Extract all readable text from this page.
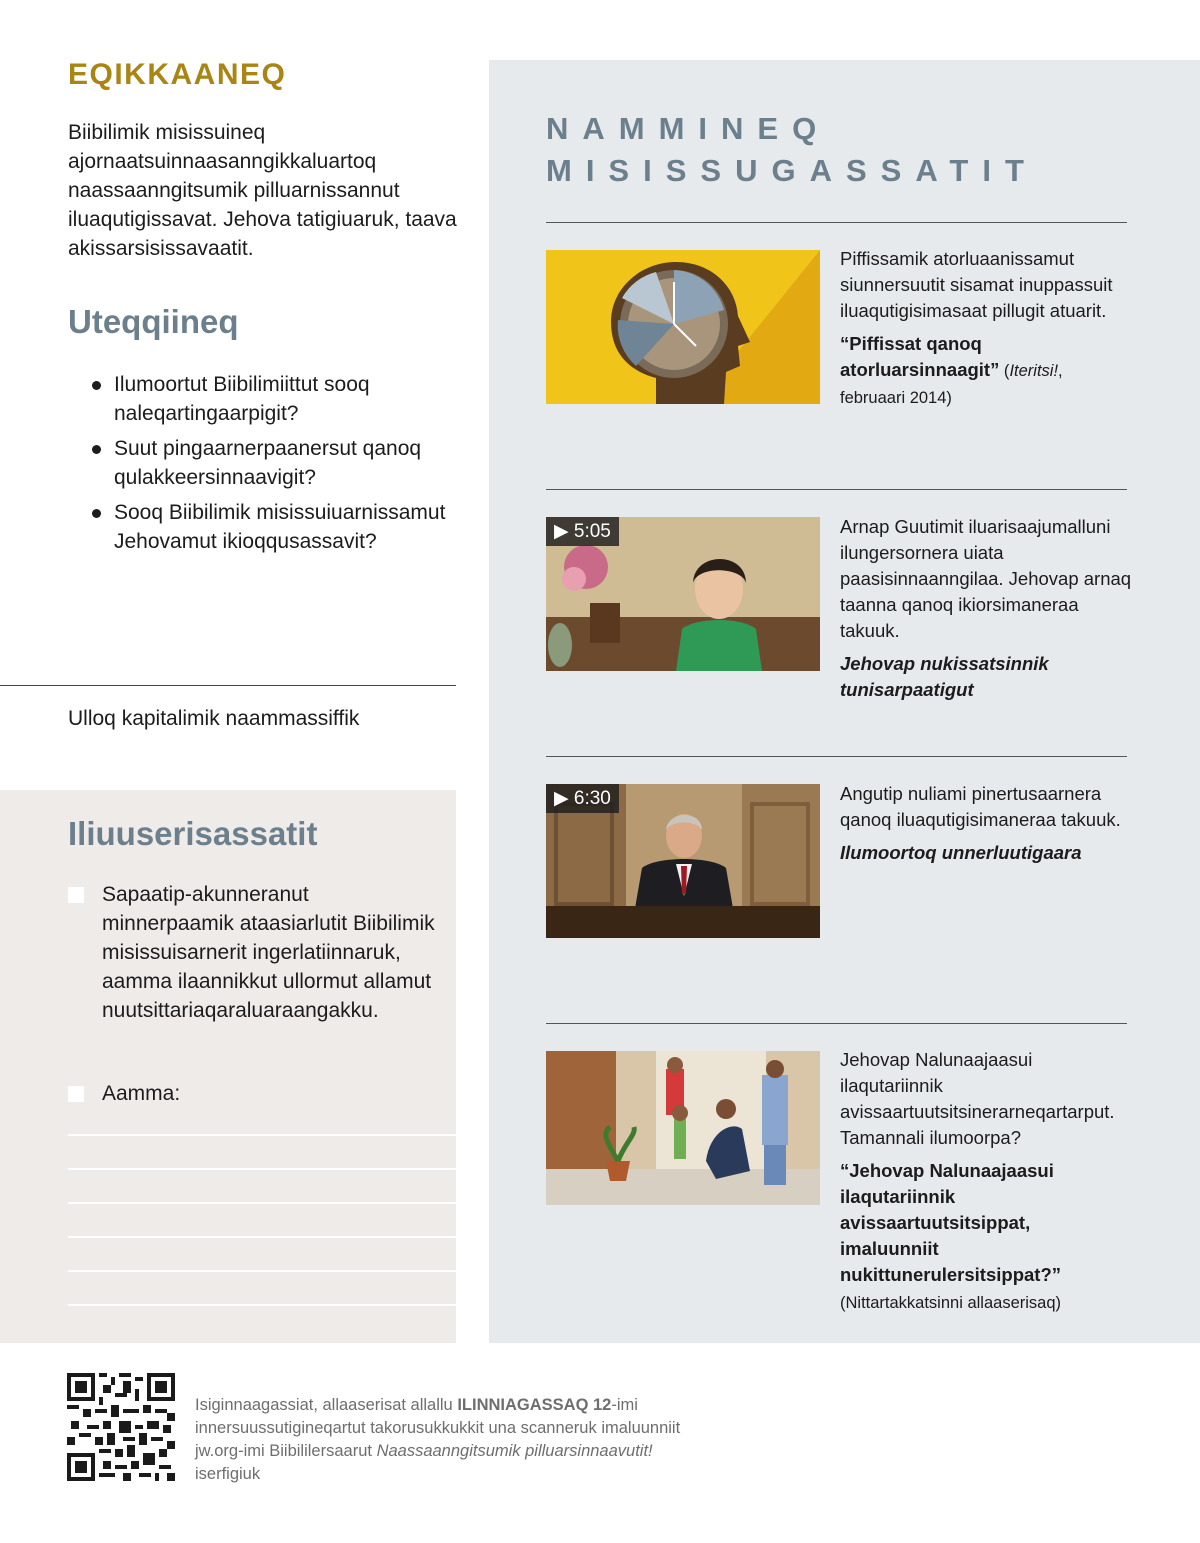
EQIKKAANEQ

Biibilimik misissuineq ajornaatsuinnaasanngikkaluartoq naassaanngitsumik pilluarnissannut iluaqutigissavat. Jehova tatigiuaruk, taava akissarsisissavaatit.

Uteqqiineq
Ilumoortut Biibilimiittut sooq naleqartingaarpigit?
Suut pingaarnerpaanersut qanoq qulakkeersinnaavigit?
Sooq Biibilimik misissuiuarnissamut Jehovamut ikioqqusassavit?

Ulloq kapitalimik naammassiffik

Iliuuserisassatit
Sapaatip-akunneranut minnerpaamik ataasiarlutit Biibilimik misissuisarnerit ingerlatiinnaruk, aamma ilaannikkut ullormut allamut nuutsittariaqaraluaraangakku.
Aamma:
NAMMINEQ
MISISSUGASSATIT
Piffissamik atorluaanissamut siunnersuutit sisamat inuppassuit iluaqutigisimasaat pillugit atuarit.
“Piffissat qanoq atorluarsinnaagit” (Iteritsi!, februaari 2014)
▶ 5:05	Arnap Guutimit iluarisaajumalluni ilungersornera uiata paasisinnaanngilaa. Jehovap arnaq taanna qanoq ikiorsimaneraa takuuk.
Jehovap nukissatsinnik tunisarpaatigut
▶ 6:30	Angutip nuliami pinertusaarnera qanoq iluaqutigisimaneraa takuuk.
Ilumoortoq unnerluutigaara
Jehovap Nalunaajaasui ilaqutariinnik avissaartuutsitsinerarneqartarput. Tamannali ilumoorpa?
“Jehovap Nalunaajaasui ilaqutariinnik avissaartuutsitsippat, imaluunniit nukittunerulersitsippat?” (Nittartakkatsinni allaaserisaq)

Isiginnaagassiat, allaaserisat allallu ILINNIAGASSAQ 12-imi innersuussutigineqartut takorusukkukkit una scanneruk imaluunniit jw.org-imi Biibililersaarut Naassaanngitsumik pilluarsinnaavutit! iserfigiuk
